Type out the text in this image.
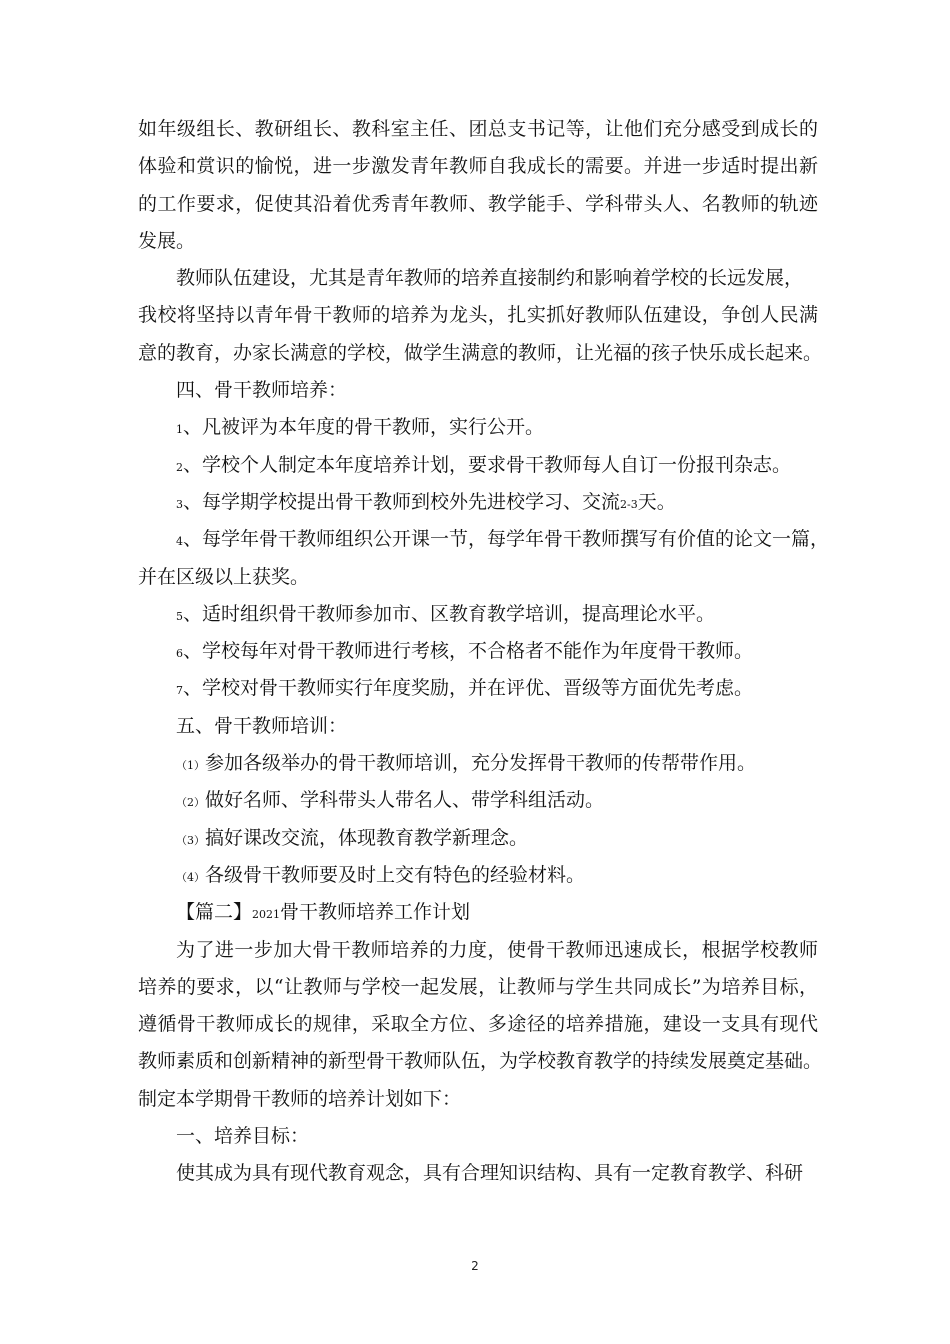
如年级组长、教研组长、教科室主任、团总支书记等，让他们充分感受到成长的
体验和赏识的愉悦，进一步激发青年教师自我成长的需要。并进一步适时提出新
的工作要求，促使其沿着优秀青年教师、教学能手、学科带头人、名教师的轨迹
发展。
教师队伍建设，尤其是青年教师的培养直接制约和影响着学校的长远发展，
我校将坚持以青年骨干教师的培养为龙头，扎实抓好教师队伍建设，争创人民满
意的教育，办家长满意的学校，做学生满意的教师，让光福的孩子快乐成长起来。
四、骨干教师培养：
1、凡被评为本年度的骨干教师，实行公开。
2、学校个人制定本年度培养计划，要求骨干教师每人自订一份报刊杂志。
3、每学期学校提出骨干教师到校外先进校学习、交流2-3天。
4、每学年骨干教师组织公开课一节，每学年骨干教师撰写有价值的论文一篇，
并在区级以上获奖。
5、适时组织骨干教师参加市、区教育教学培训，提高理论水平。
6、学校每年对骨干教师进行考核，不合格者不能作为年度骨干教师。
7、学校对骨干教师实行年度奖励，并在评优、晋级等方面优先考虑。
五、骨干教师培训：
（1）参加各级举办的骨干教师培训，充分发挥骨干教师的传帮带作用。
（2）做好名师、学科带头人带名人、带学科组活动。
（3）搞好课改交流，体现教育教学新理念。
（4）各级骨干教师要及时上交有特色的经验材料。
【篇二】2021骨干教师培养工作计划
为了进一步加大骨干教师培养的力度，使骨干教师迅速成长，根据学校教师
培养的要求，以“让教师与学校一起发展，让教师与学生共同成长”为培养目标，
遵循骨干教师成长的规律，采取全方位、多途径的培养措施，建设一支具有现代
教师素质和创新精神的新型骨干教师队伍，为学校教育教学的持续发展奠定基础。
制定本学期骨干教师的培养计划如下：
一、培养目标：
使其成为具有现代教育观念，具有合理知识结构、具有一定教育教学、科研
2
